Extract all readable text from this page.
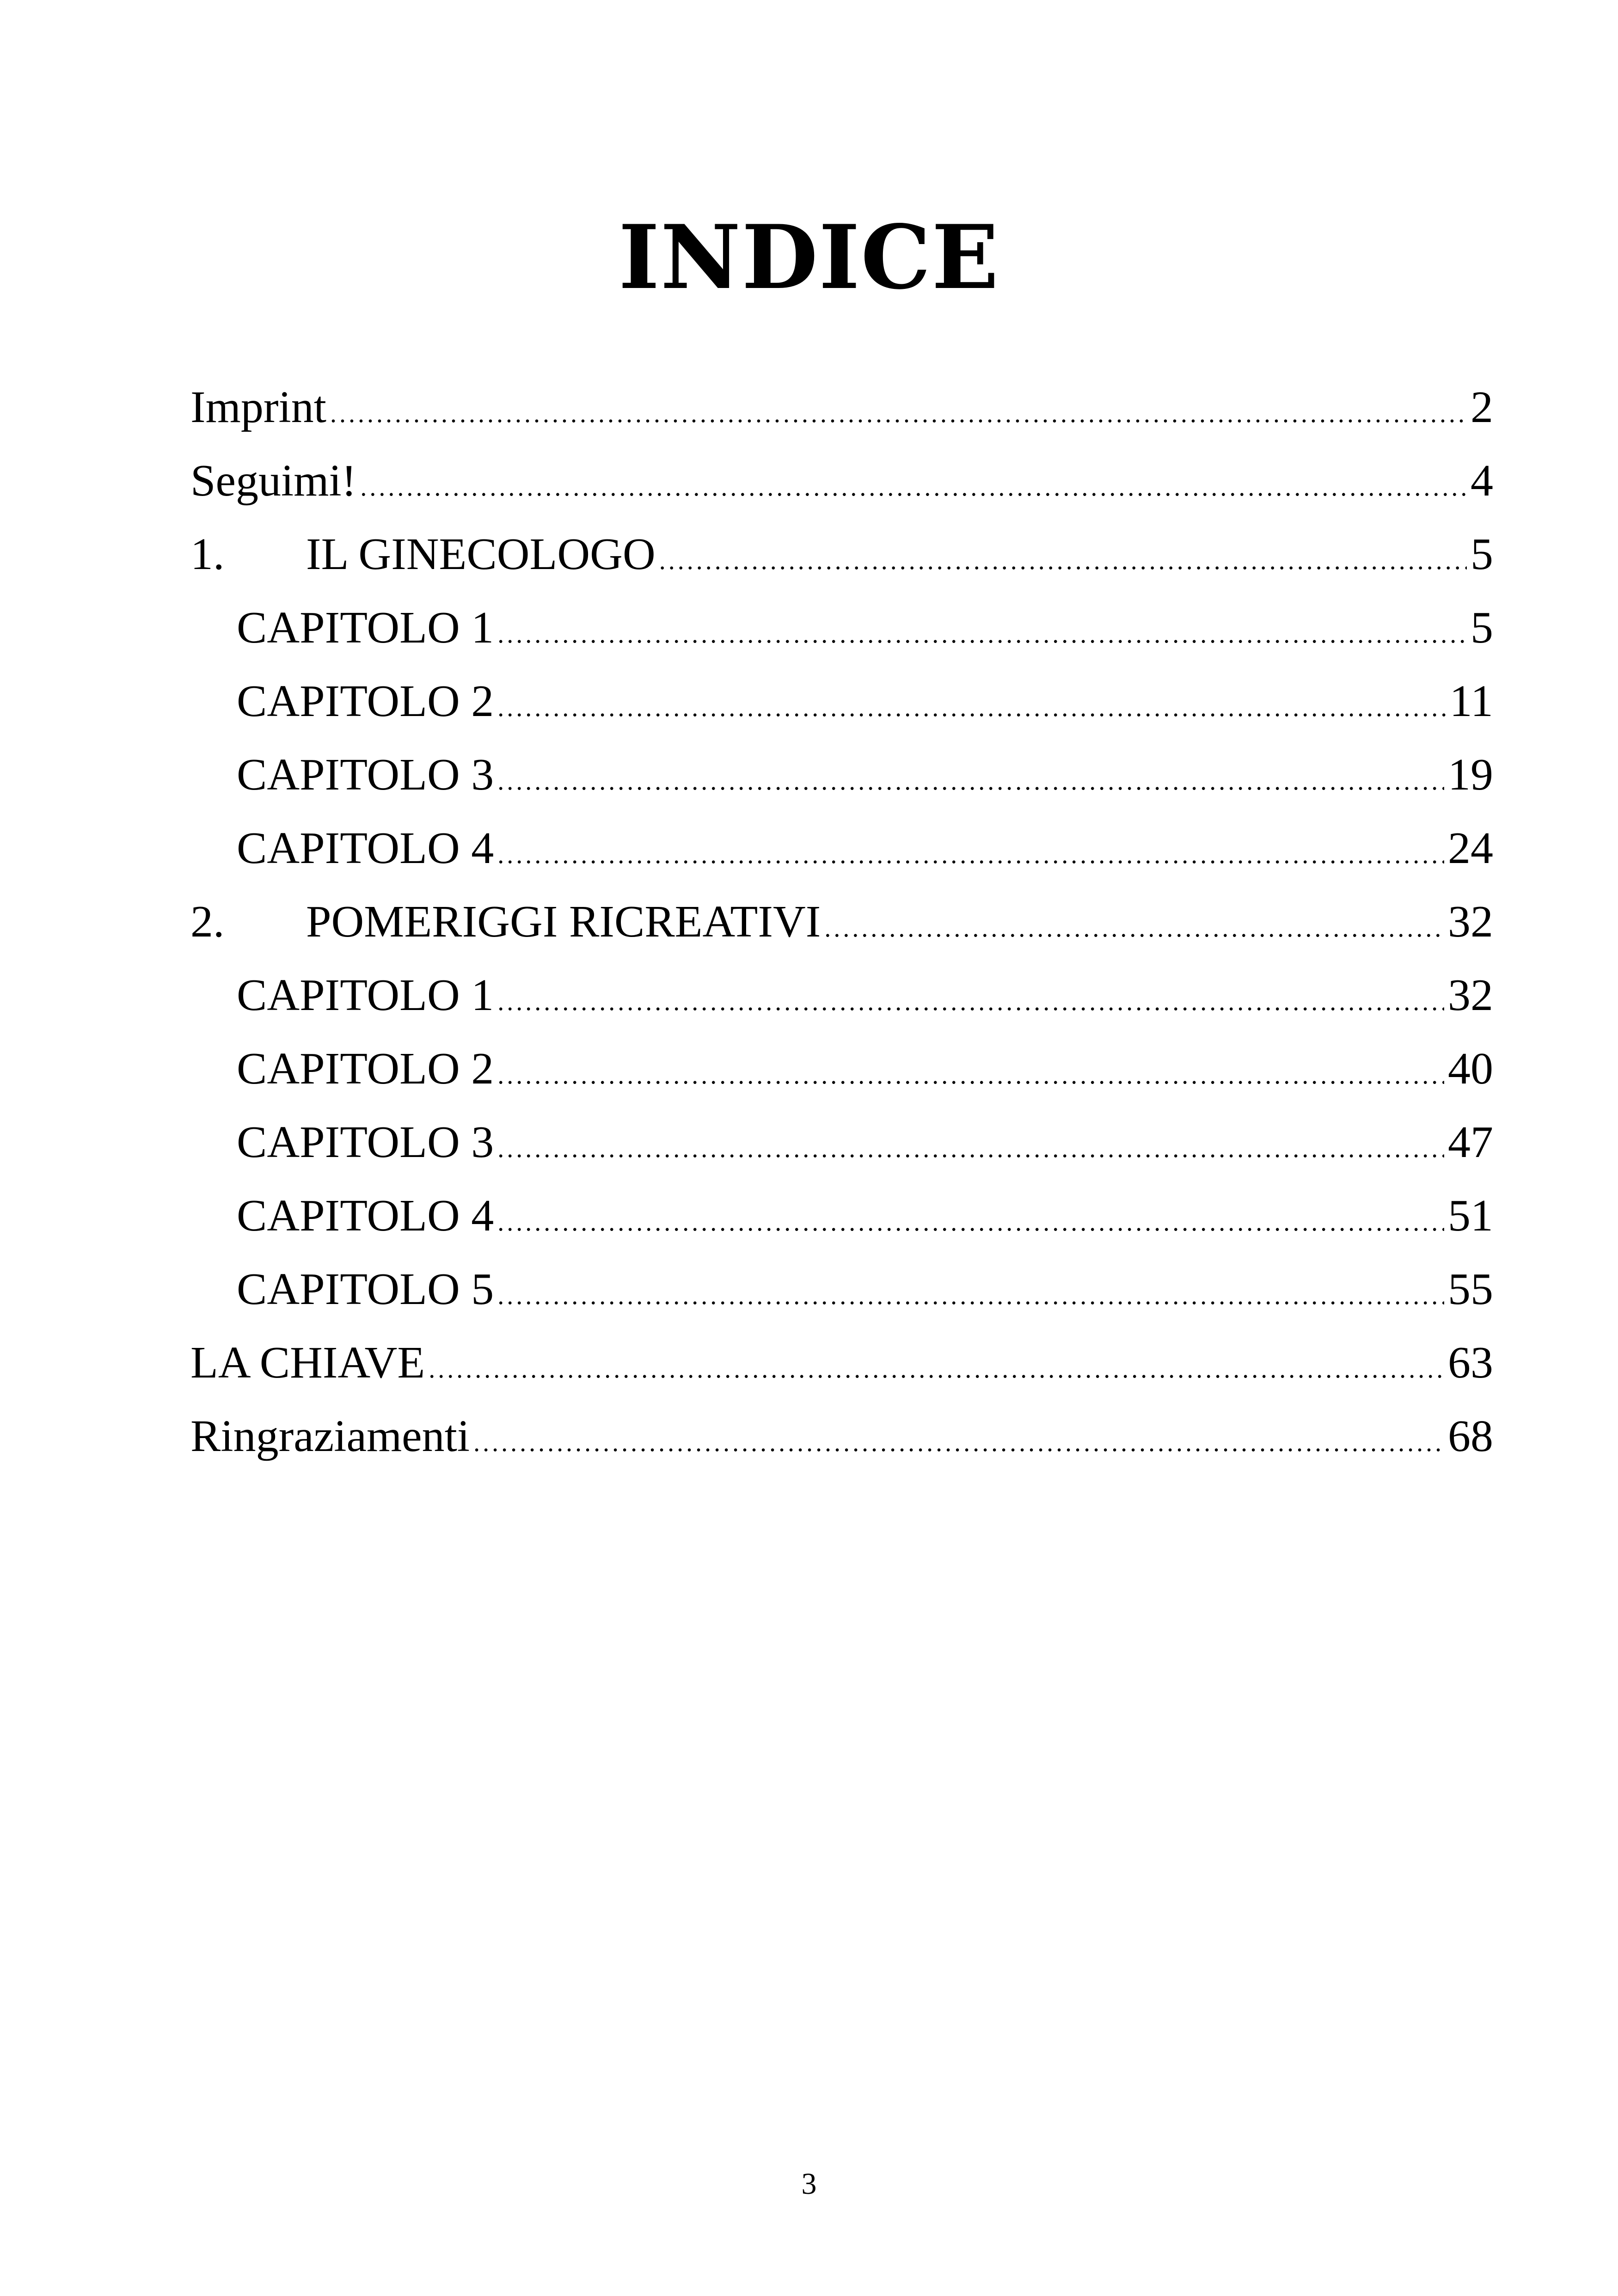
INDICE
Imprint .....	2
Seguimi! .....	4
1.	IL GINECOLOGO .....	5
CAPITOLO 1 .....	5
CAPITOLO 2 .....	11
CAPITOLO 3 .....	19
CAPITOLO 4 .....	24
2.	POMERIGGI RICREATIVI .....	32
CAPITOLO 1 .....	32
CAPITOLO 2 .....	40
CAPITOLO 3 .....	47
CAPITOLO 4 .....	51
CAPITOLO 5 .....	55
LA CHIAVE .....	63
Ringraziamenti .....	68
3
